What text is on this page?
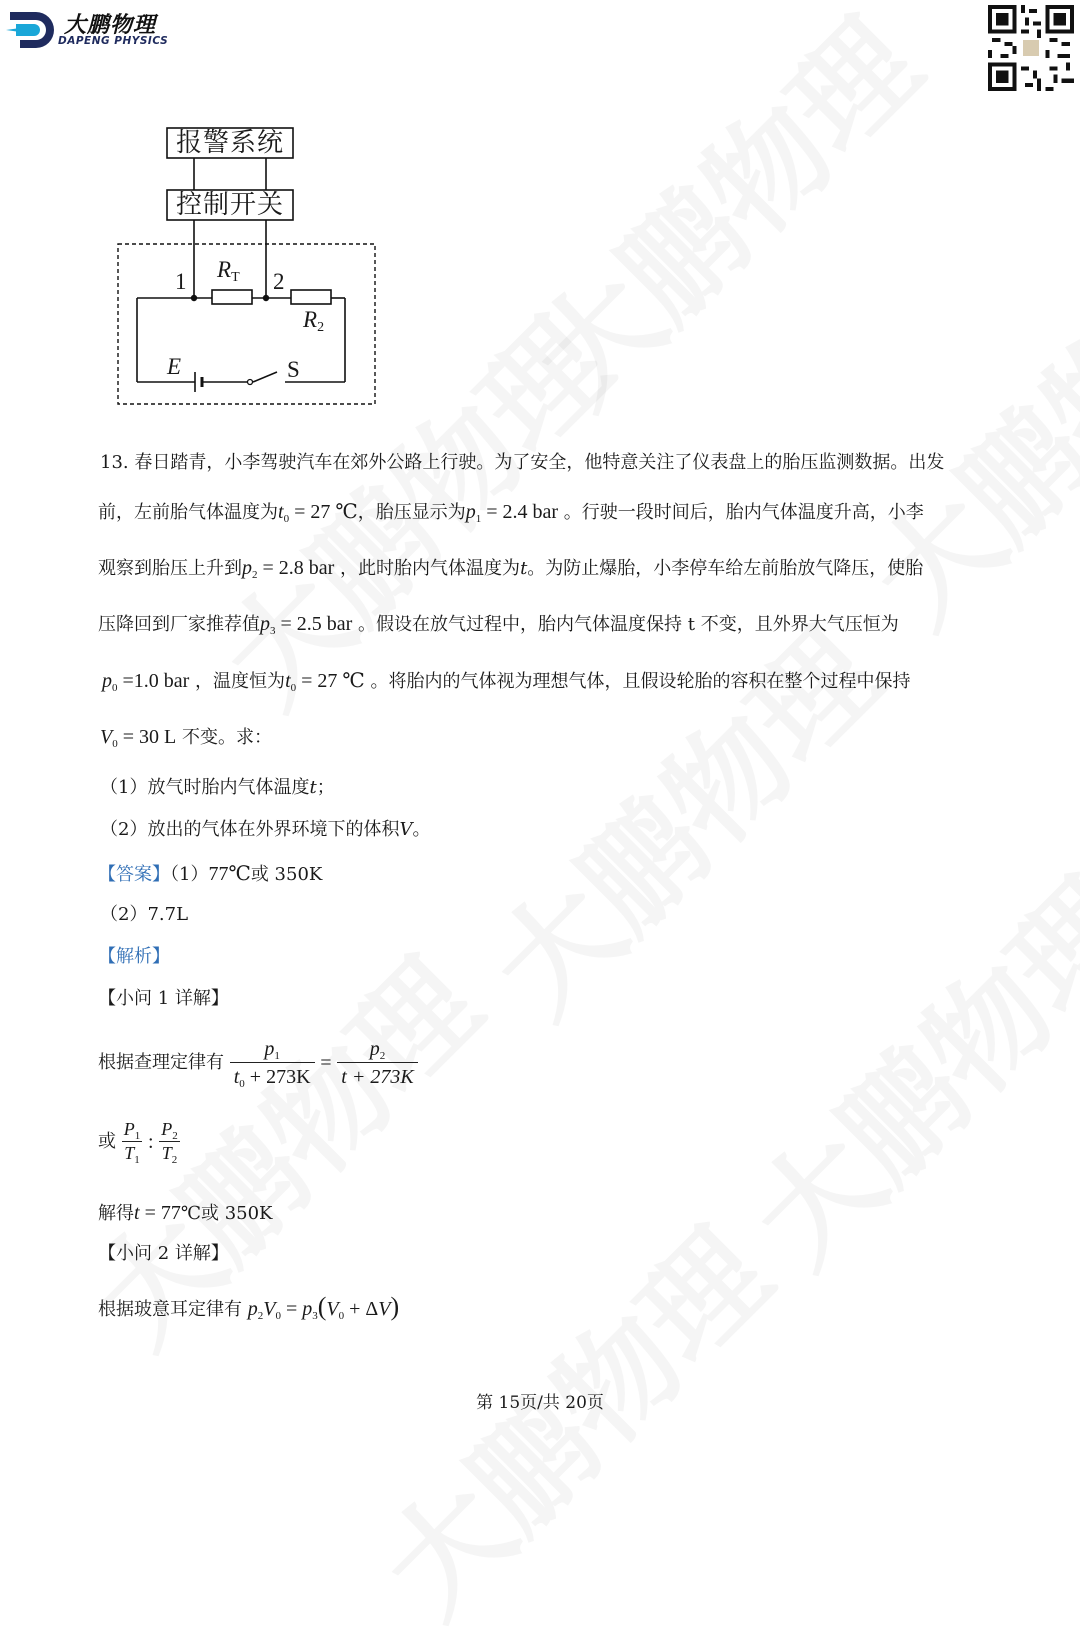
大鹏物理
DAPENG PHYSICS
报警系统
控制开关
1	2
$R_T$
$R_2$
E	S
13. 春日踏青，小李驾驶汽车在郊外公路上行驶。为了安全，他特意关注了仪表盘上的胎压监测数据。出发
前，左前胎气体温度为$t_0 = 27$ ℃，胎压显示为$p_1 = 2.4$ bar 。行驶一段时间后，胎内气体温度升高，小李
观察到胎压上升到$p_2 = 2.8$ bar ，此时胎内气体温度为t。为防止爆胎，小李停车给左前胎放气降压，使胎
压降回到厂家推荐值$p_3 = 2.5$ bar 。假设在放气过程中，胎内气体温度保持 t 不变，且外界大气压恒为
$p_0 =1.0$ bar ，温度恒为$t_0 = 27$ ℃ 。将胎内的气体视为理想气体，且假设轮胎的容积在整个过程中保持
$V_0 = 30$ L 不变。求：
（1）放气时胎内气体温度t；
（2）放出的气体在外界环境下的体积V。
【答案】（1）77℃或 350K
（2）7.7L
【解析】
【小问 1 详解】
根据查理定律有 $\frac{p_1}{t_0 + 273K} = \frac{p_2}{t + 273K}$
或 $\frac{P_1}{T_1}$ : $\frac{P_2}{T_2}$
解得t = 77℃或 350K
【小问 2 详解】
根据玻意耳定律有 $p_2V_0 = p_3(V_0 + \Delta V)$
第 15页/共 20页
